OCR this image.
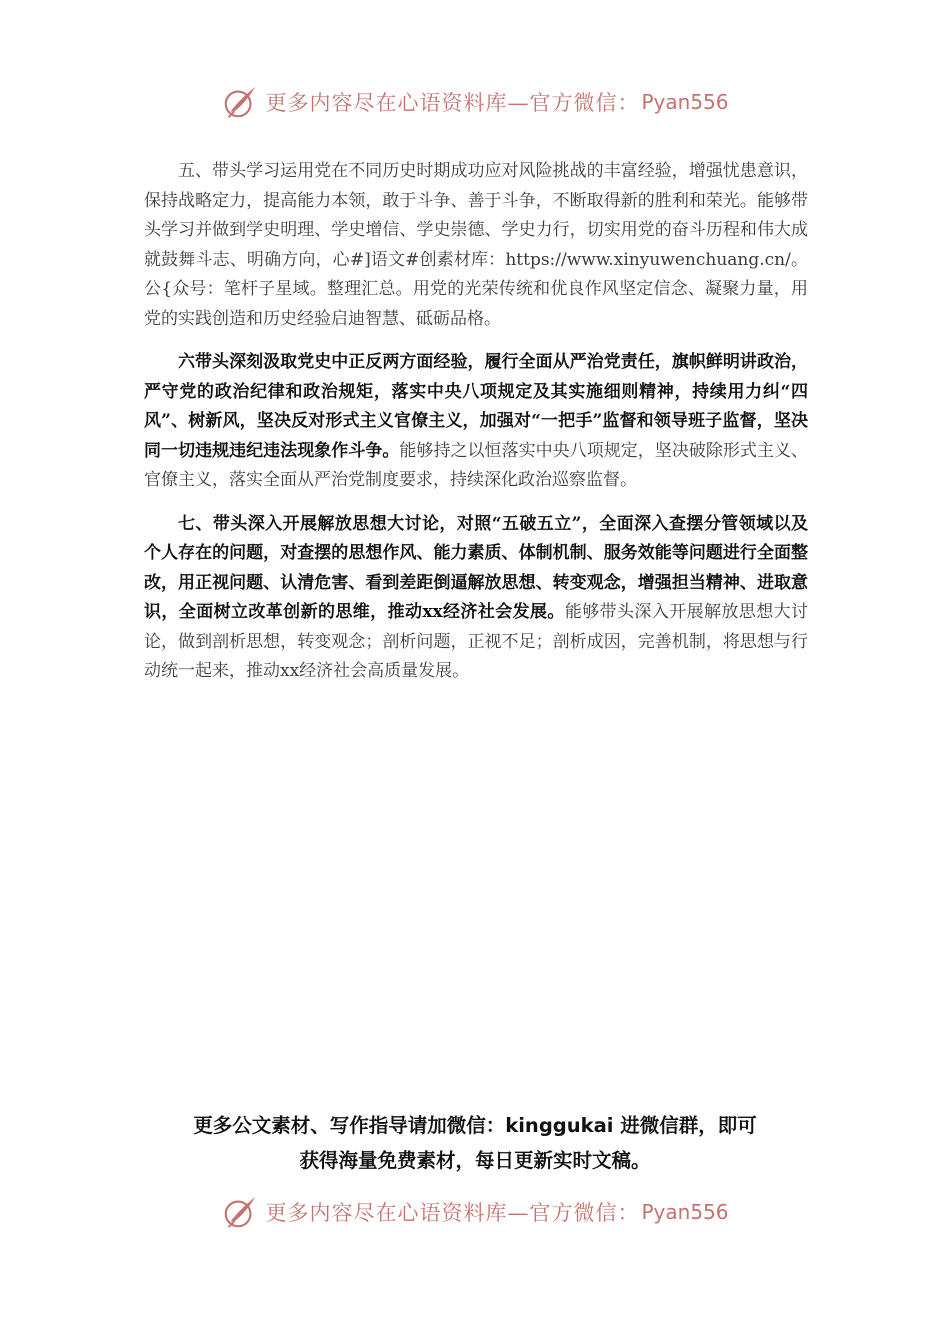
更多内容尽在心语资料库—官方微信： Pyan556

五、带头学习运用党在不同历史时期成功应对风险挑战的丰富经验，增强忧患意识，保持战略定力，提高能力本领，敢于斗争、善于斗争，不断取得新的胜利和荣光。能够带头学习并做到学史明理、学史增信、学史崇德、学史力行，切实用党的奋斗历程和伟大成就鼓舞斗志、明确方向，心#]语文#创素材库：https://www.xinyuwenchuang.cn/。公{众号：笔杆子星域。整理汇总。用党的光荣传统和优良作风坚定信念、凝聚力量，用党的实践创造和历史经验启迪智慧、砥砺品格。

六带头深刻汲取党史中正反两方面经验，履行全面从严治党责任，旗帜鲜明讲政治，严守党的政治纪律和政治规矩，落实中央八项规定及其实施细则精神，持续用力纠“四风”、树新风，坚决反对形式主义官僚主义，加强对“一把手”监督和领导班子监督，坚决同一切违规违纪违法现象作斗争。能够持之以恒落实中央八项规定，坚决破除形式主义、官僚主义，落实全面从严治党制度要求，持续深化政治巡察监督。

七、带头深入开展解放思想大讨论，对照“五破五立”，全面深入查摆分管领域以及个人存在的问题，对查摆的思想作风、能力素质、体制机制、服务效能等问题进行全面整改，用正视问题、认清危害、看到差距倒逼解放思想、转变观念，增强担当精神、进取意识，全面树立改革创新的思维，推动xx经济社会发展。能够带头深入开展解放思想大讨论，做到剖析思想，转变观念；剖析问题，正视不足；剖析成因，完善机制，将思想与行动统一起来，推动xx经济社会高质量发展。

更多公文素材、写作指导请加微信：kinggukai 进微信群，即可
获得海量免费素材，每日更新实时文稿。
更多内容尽在心语资料库—官方微信： Pyan556
